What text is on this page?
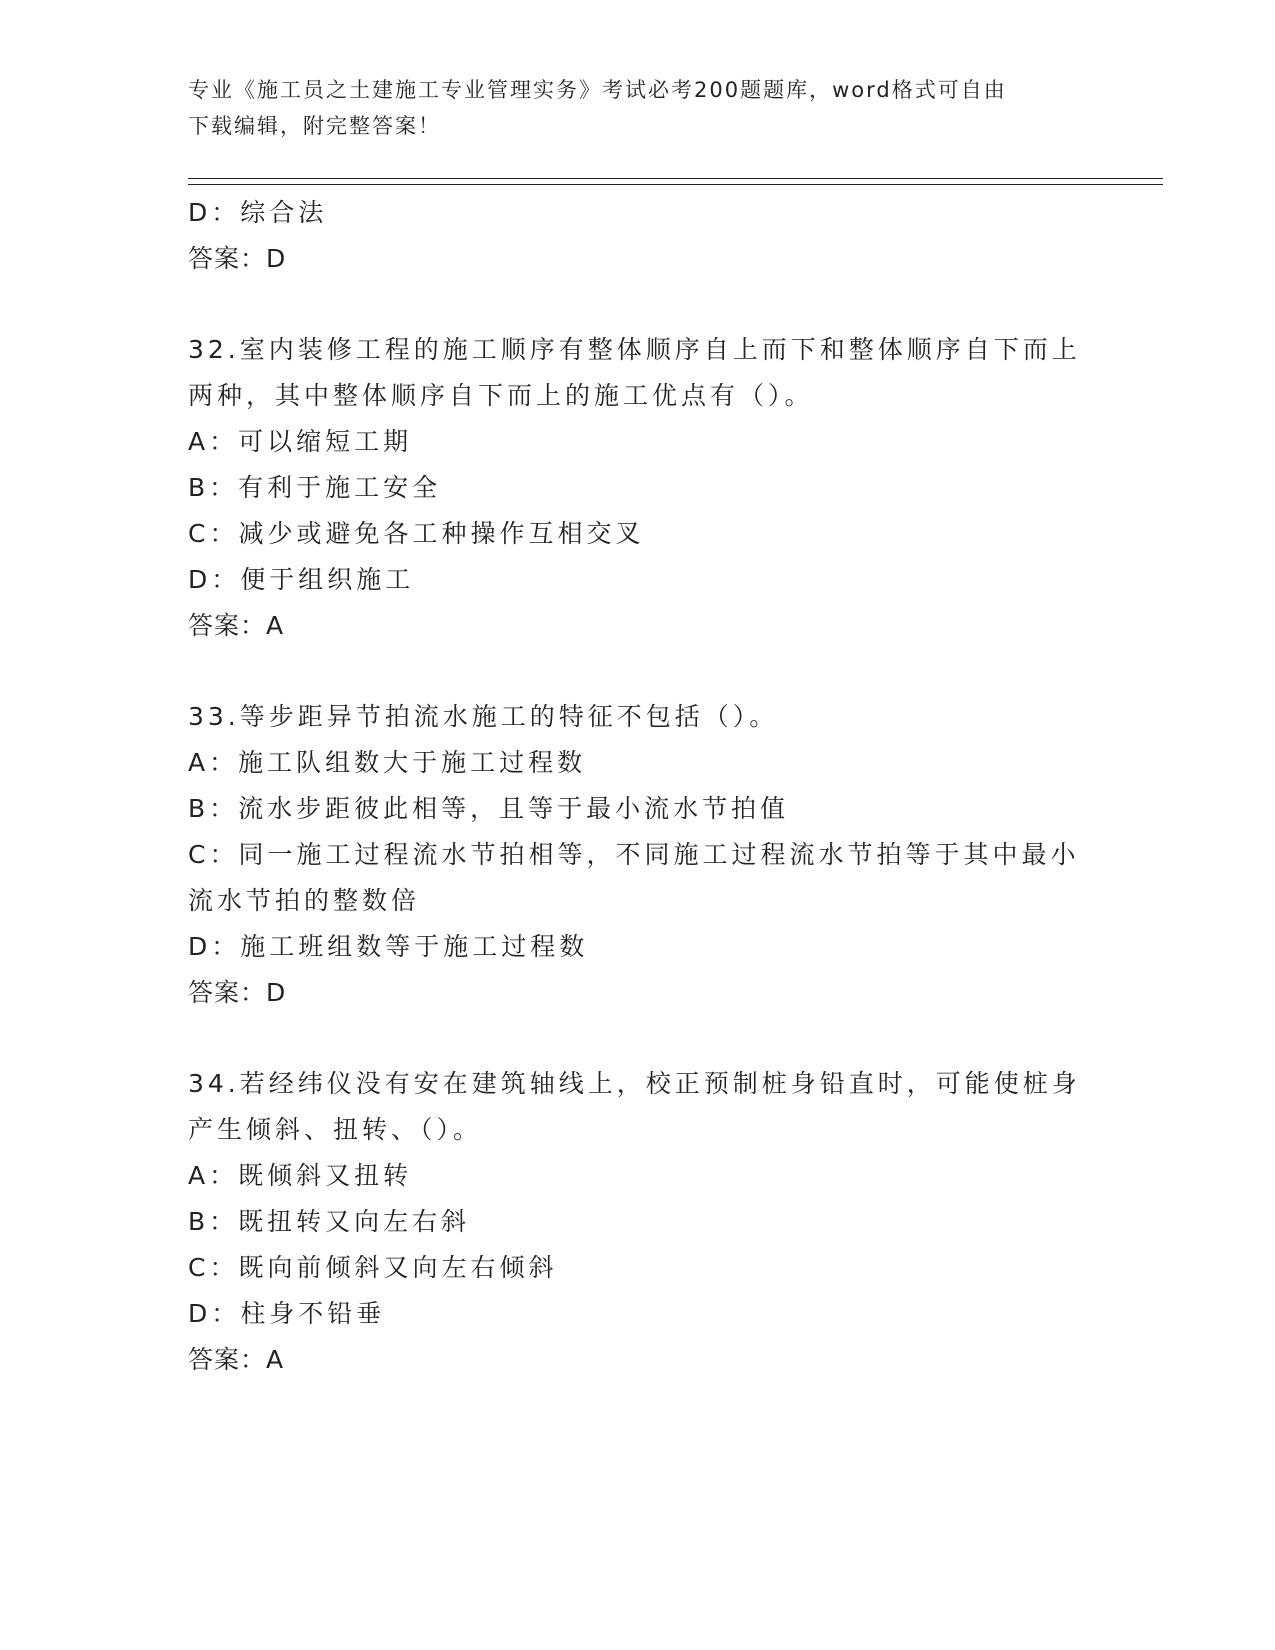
专业《施工员之土建施工专业管理实务》考试必考200题题库，word格式可自由
下载编辑，附完整答案！
D：综合法
答案：D
32.室内装修工程的施工顺序有整体顺序自上而下和整体顺序自下而上
两种，其中整体顺序自下而上的施工优点有（）。
A：可以缩短工期
B：有利于施工安全
C：减少或避免各工种操作互相交叉
D：便于组织施工
答案：A
33.等步距异节拍流水施工的特征不包括（）。
A：施工队组数大于施工过程数
B：流水步距彼此相等，且等于最小流水节拍值
C：同一施工过程流水节拍相等，不同施工过程流水节拍等于其中最小
流水节拍的整数倍
D：施工班组数等于施工过程数
答案：D
34.若经纬仪没有安在建筑轴线上，校正预制桩身铅直时，可能使桩身
产生倾斜、扭转、（）。
A：既倾斜又扭转
B：既扭转又向左右斜
C：既向前倾斜又向左右倾斜
D：柱身不铅垂
答案：A
